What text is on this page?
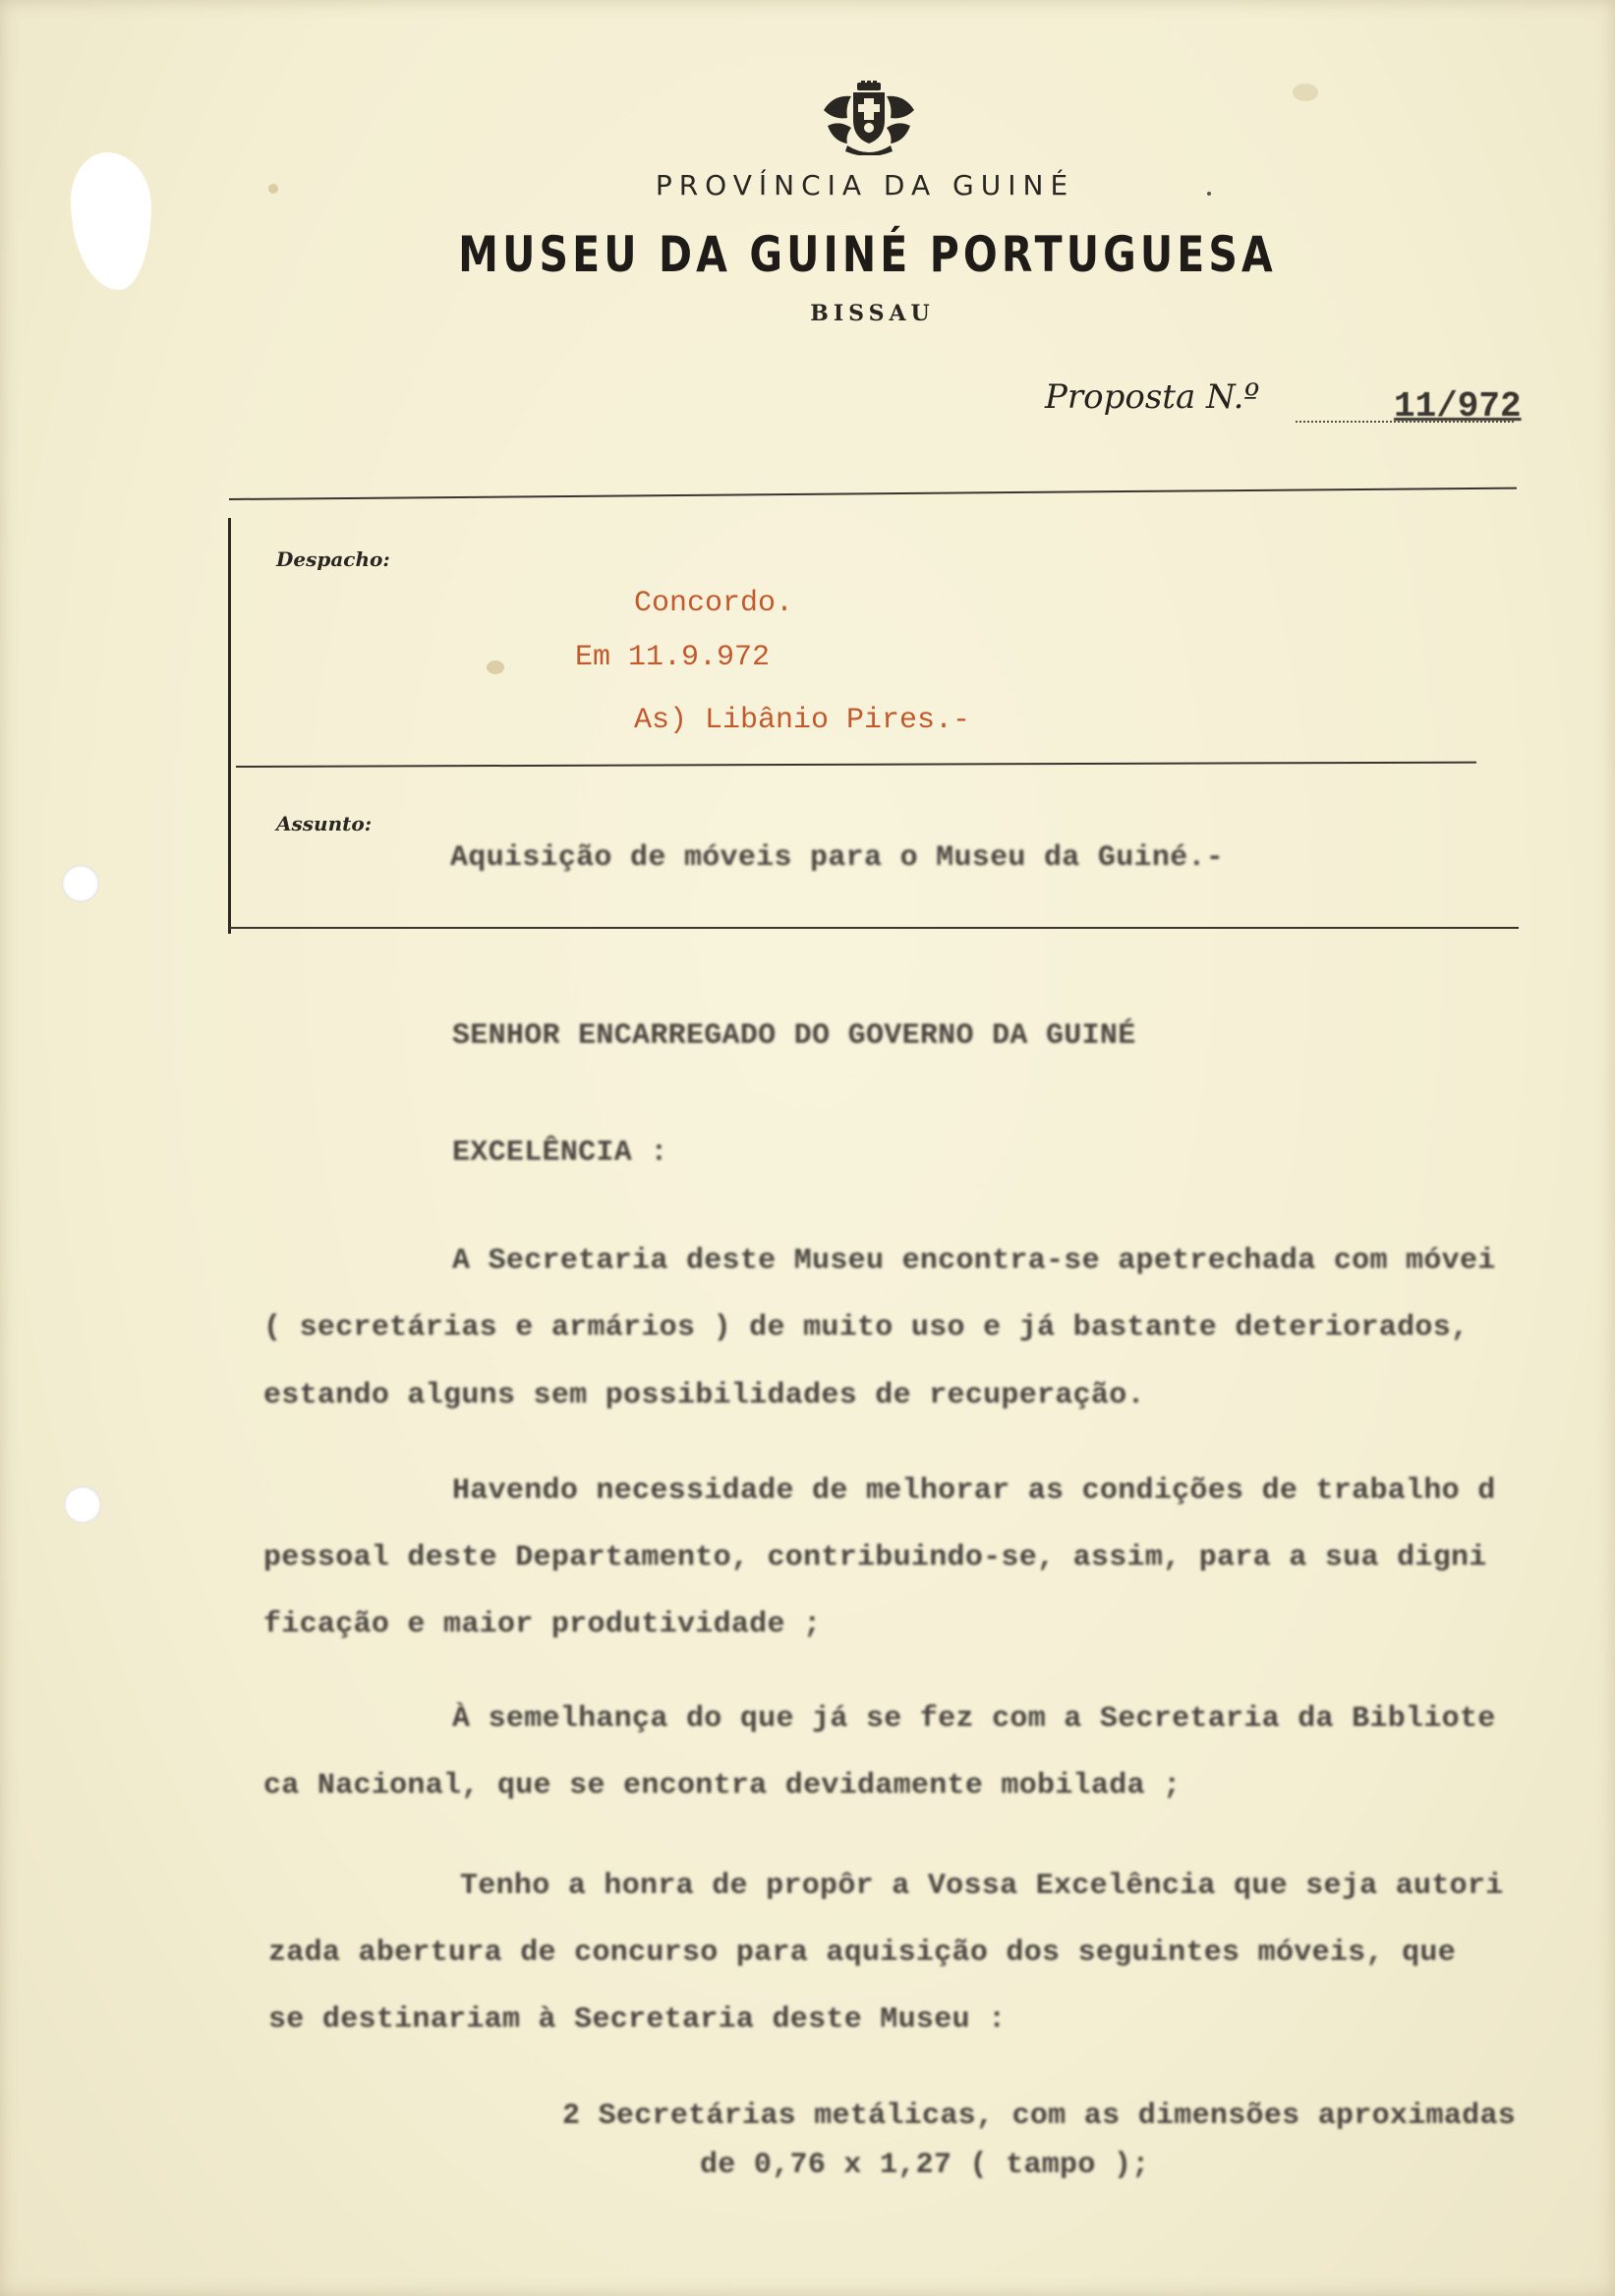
PROVÍNCIA DA GUINÉ
MUSEU DA GUINÉ PORTUGUESA
BISSAU
Proposta N.º	11/972
Despacho:
Concordo.
Em 11.9.972
As) Libânio Pires.-
Assunto:
Aquisição de móveis para o Museu da Guiné.-
SENHOR ENCARREGADO DO GOVERNO DA GUINÉ
EXCELÊNCIA :

A Secretaria deste Museu encontra-se apetrechada com móvei

( secretárias e armários ) de muito uso e já bastante deteriorados,

estando alguns sem possibilidades de recuperação.

Havendo necessidade de melhorar as condições de trabalho d

pessoal deste Departamento, contribuindo-se, assim, para a sua digni

ficação e maior produtividade ;

À semelhança do que já se fez com a Secretaria da Bibliote

ca Nacional, que se encontra devidamente mobilada ;

Tenho a honra de propôr a Vossa Excelência que seja autori

zada abertura de concurso para aquisição dos seguintes móveis, que

se destinariam à Secretaria deste Museu :

2 Secretárias metálicas, com as dimensões aproximadas

de 0,76 x 1,27 ( tampo );
